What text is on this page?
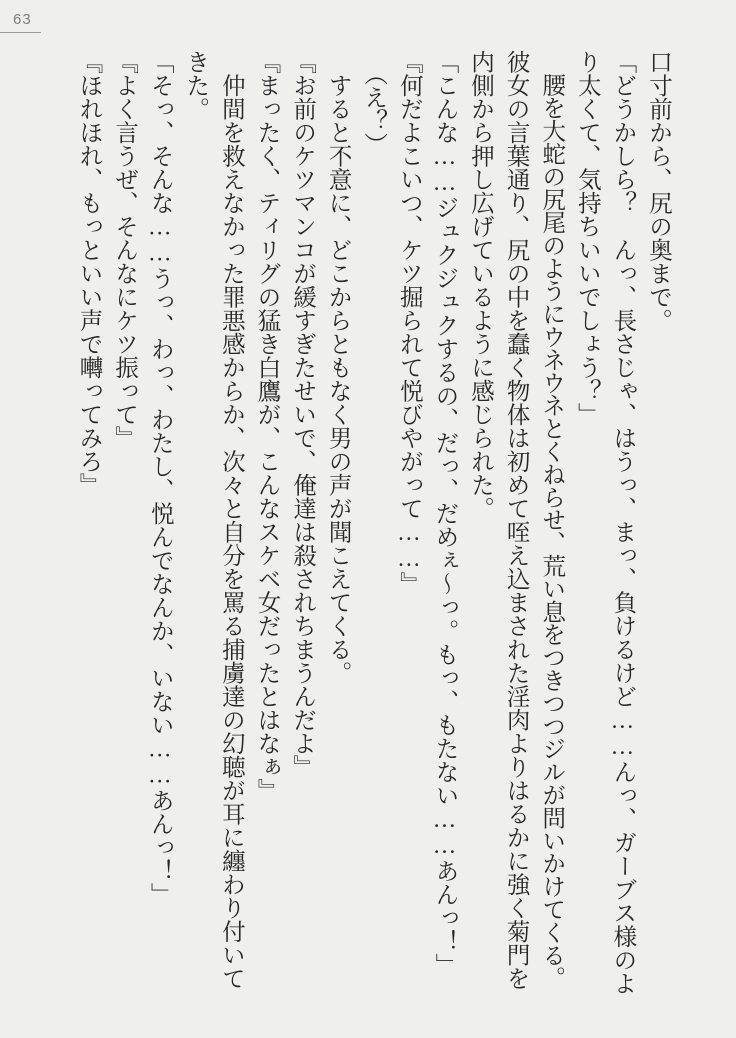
63
口寸前から、尻の奥まで。
「どうかしら？　んっ、長さじゃ、はうっ、まっ、負けるけど……んっ、ガーブス様のよ
り太くて、気持ちいいでしょう？」
　腰を大蛇の尻尾のようにウネウネとくねらせ、荒い息をつきつつジルが問いかけてくる。
彼女の言葉通り、尻の中を蠢く物体は初めて咥え込まされた淫肉よりはるかに強く菊門を
内側から押し広げているように感じられた。
「こんな……ジュクジュクするの、だっ、だめぇ～っ。もっ、もたない……あんっ！」
『何だよこいつ、ケツ掘られて悦びやがって……』
　（え？）
　すると不意に、どこからともなく男の声が聞こえてくる。
『お前のケツマンコが緩すぎたせいで、俺達は殺されちまうんだよ』
『まったく、ティリグの猛き白鷹が、こんなスケベ女だったとはなぁ』
　仲間を救えなかった罪悪感からか、次々と自分を罵る捕虜達の幻聴が耳に纏わり付いて
きた。
「そっ、そんな……うっ、わっ、わたし、悦んでなんか、いない……あんっ！」
『よく言うぜ、そんなにケツ振って』
『ほれほれ、もっといい声で囀ってみろ』
